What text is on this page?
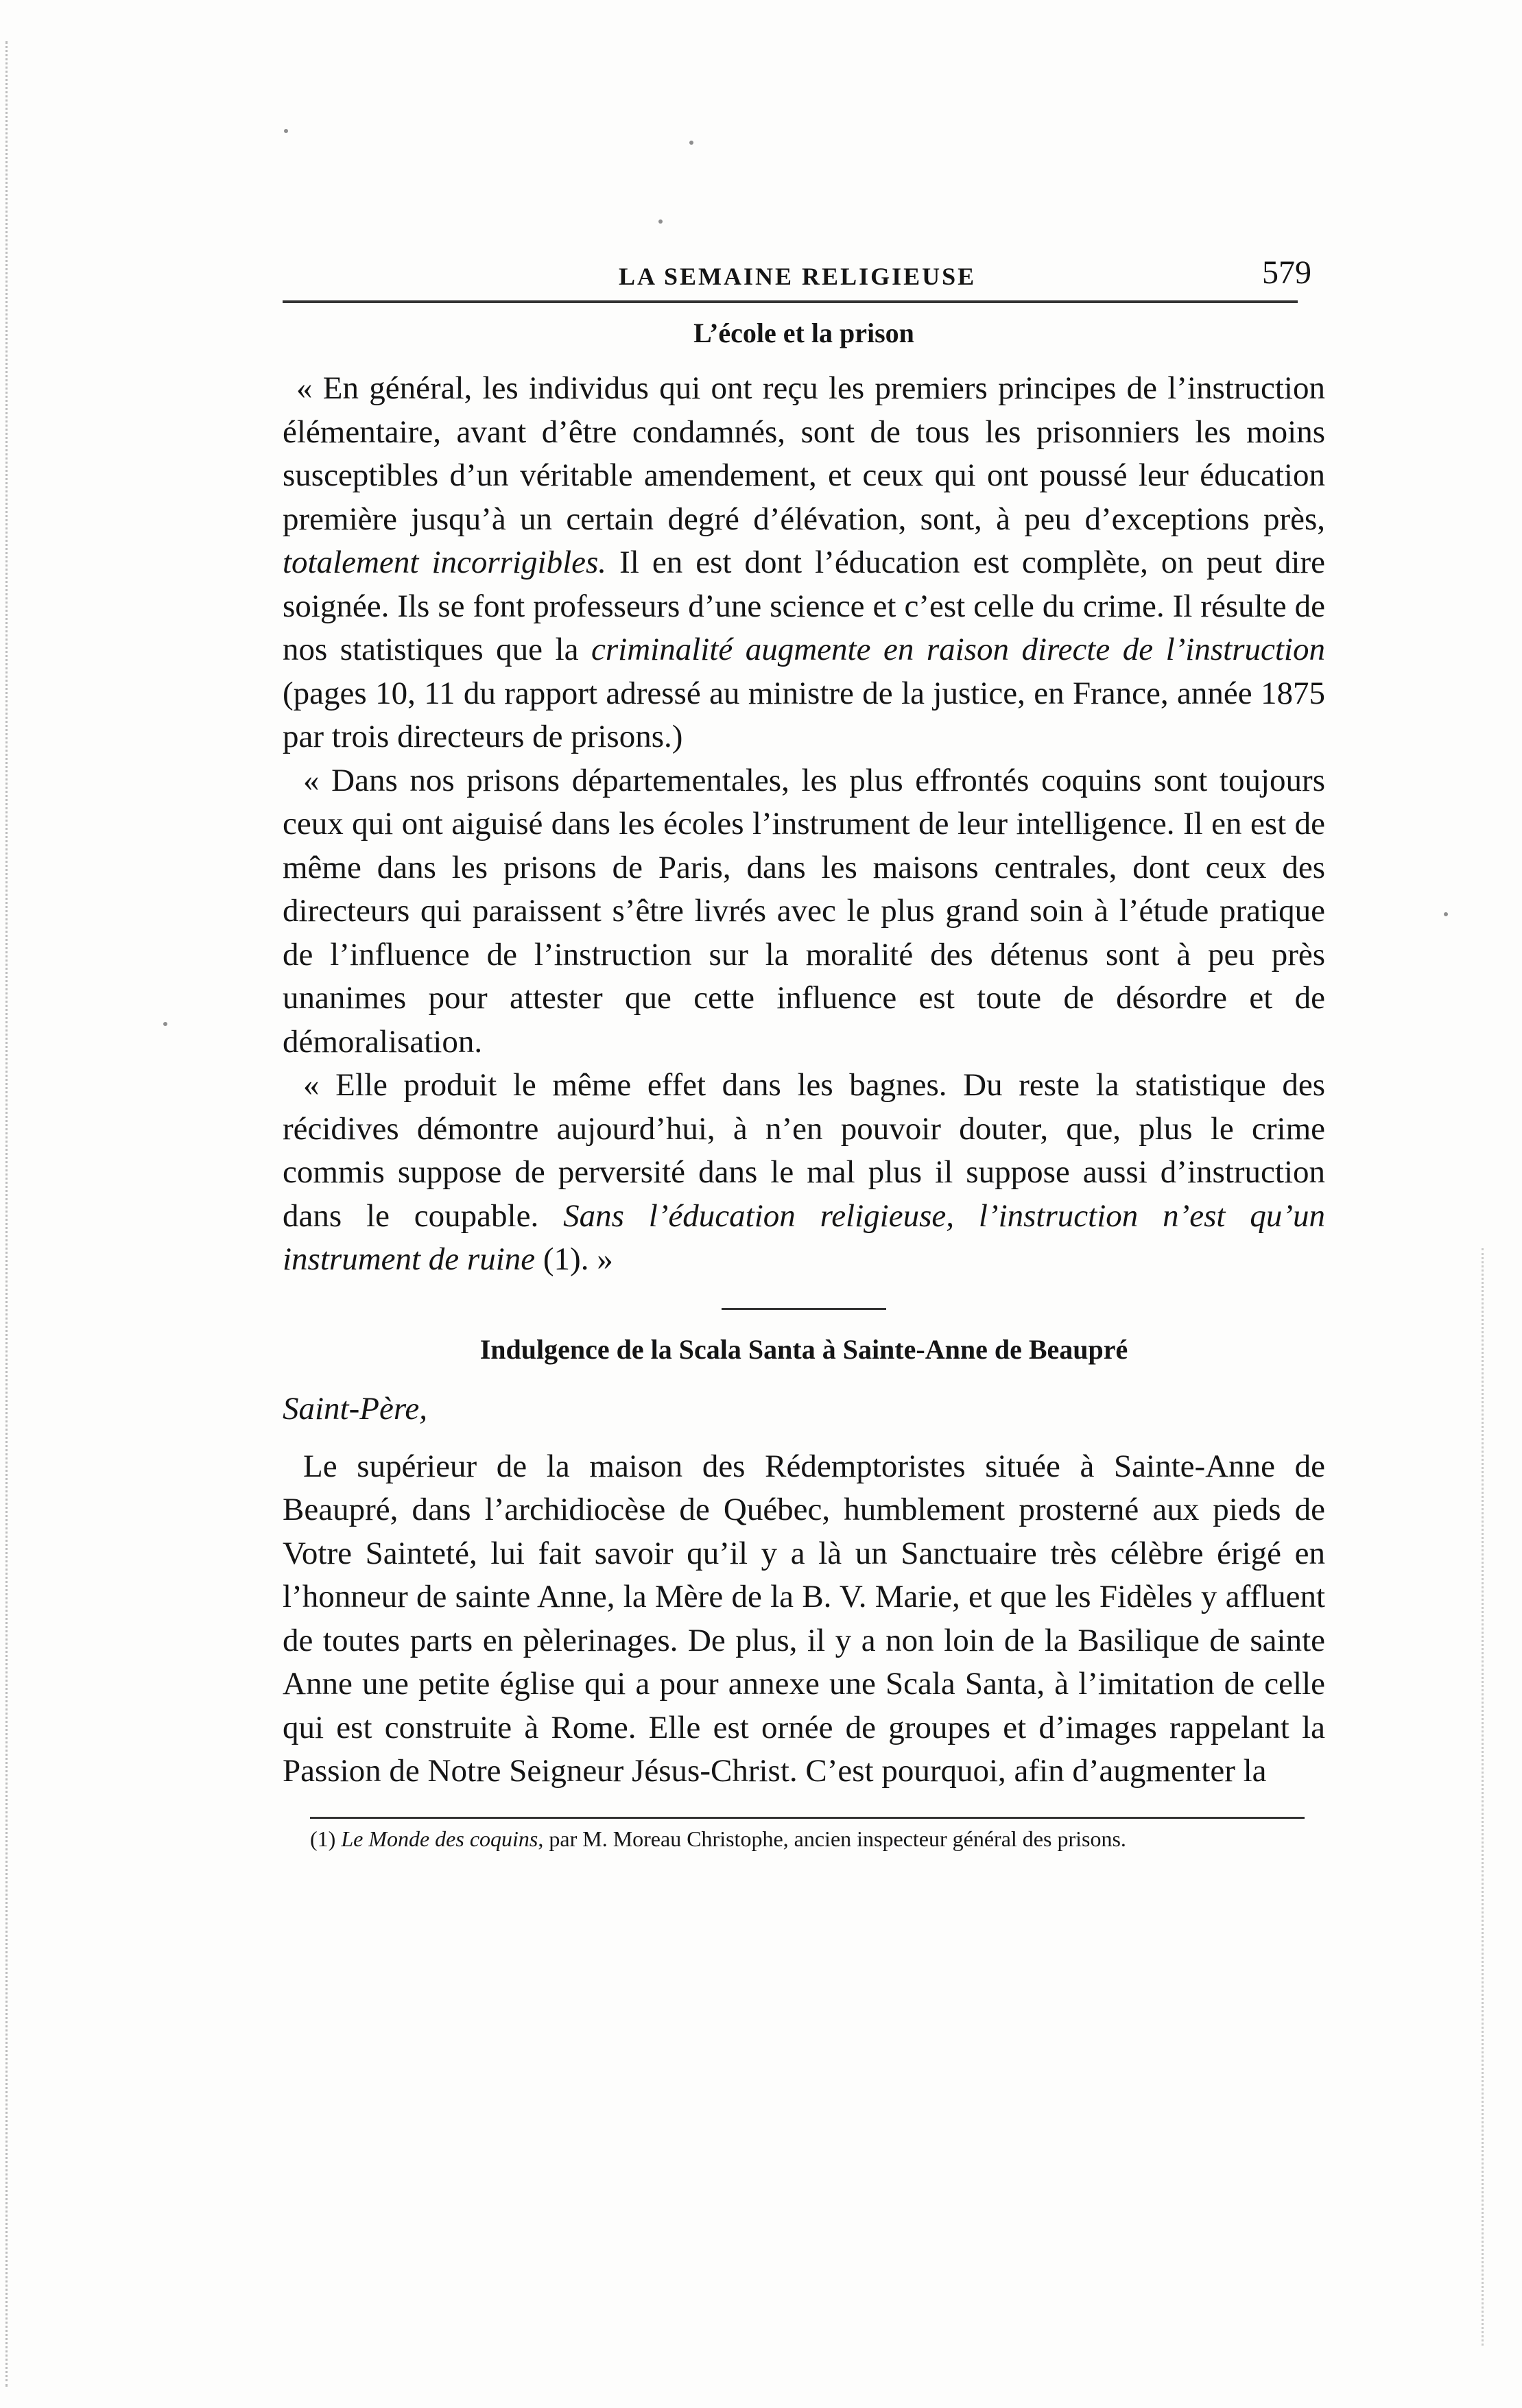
LA SEMAINE RELIGIEUSE	579
L’école et la prison

« En général, les individus qui ont reçu les premiers principes de l’instruction élémentaire, avant d’être condamnés, sont de tous les prisonniers les moins susceptibles d’un véritable amendement, et ceux qui ont poussé leur éducation première jusqu’à un certain degré d’élévation, sont, à peu d’exceptions près, totalement incorrigibles. Il en est dont l’éducation est complète, on peut dire soignée. Ils se font professeurs d’une science et c’est celle du crime. Il résulte de nos statistiques que la criminalité augmente en raison directe de l’instruction (pages 10, 11 du rapport adressé au ministre de la justice, en France, année 1875 par trois directeurs de prisons.)

« Dans nos prisons départementales, les plus effrontés coquins sont toujours ceux qui ont aiguisé dans les écoles l’instrument de leur intelligence. Il en est de même dans les prisons de Paris, dans les maisons centrales, dont ceux des directeurs qui paraissent s’être livrés avec le plus grand soin à l’étude pratique de l’influence de l’instruction sur la moralité des détenus sont à peu près unanimes pour attester que cette influence est toute de désordre et de démoralisation.

« Elle produit le même effet dans les bagnes. Du reste la statistique des récidives démontre aujourd’hui, à n’en pouvoir douter, que, plus le crime commis suppose de perversité dans le mal plus il suppose aussi d’instruction dans le coupable. Sans l’éducation religieuse, l’instruction n’est qu’un instrument de ruine (1). »

Indulgence de la Scala Santa à Sainte-Anne de Beaupré

Saint-Père,

Le supérieur de la maison des Rédemptoristes située à Sainte-Anne de Beaupré, dans l’archidiocèse de Québec, humblement prosterné aux pieds de Votre Sainteté, lui fait savoir qu’il y a là un Sanctuaire très célèbre érigé en l’honneur de sainte Anne, la Mère de la B. V. Marie, et que les Fidèles y affluent de toutes parts en pèlerinages. De plus, il y a non loin de la Basilique de sainte Anne une petite église qui a pour annexe une Scala Santa, à l’imitation de celle qui est construite à Rome. Elle est ornée de groupes et d’images rappelant la Passion de Notre Seigneur Jésus-Christ. C’est pourquoi, afin d’augmenter la

(1) Le Monde des coquins, par M. Moreau Christophe, ancien inspecteur général des prisons.
